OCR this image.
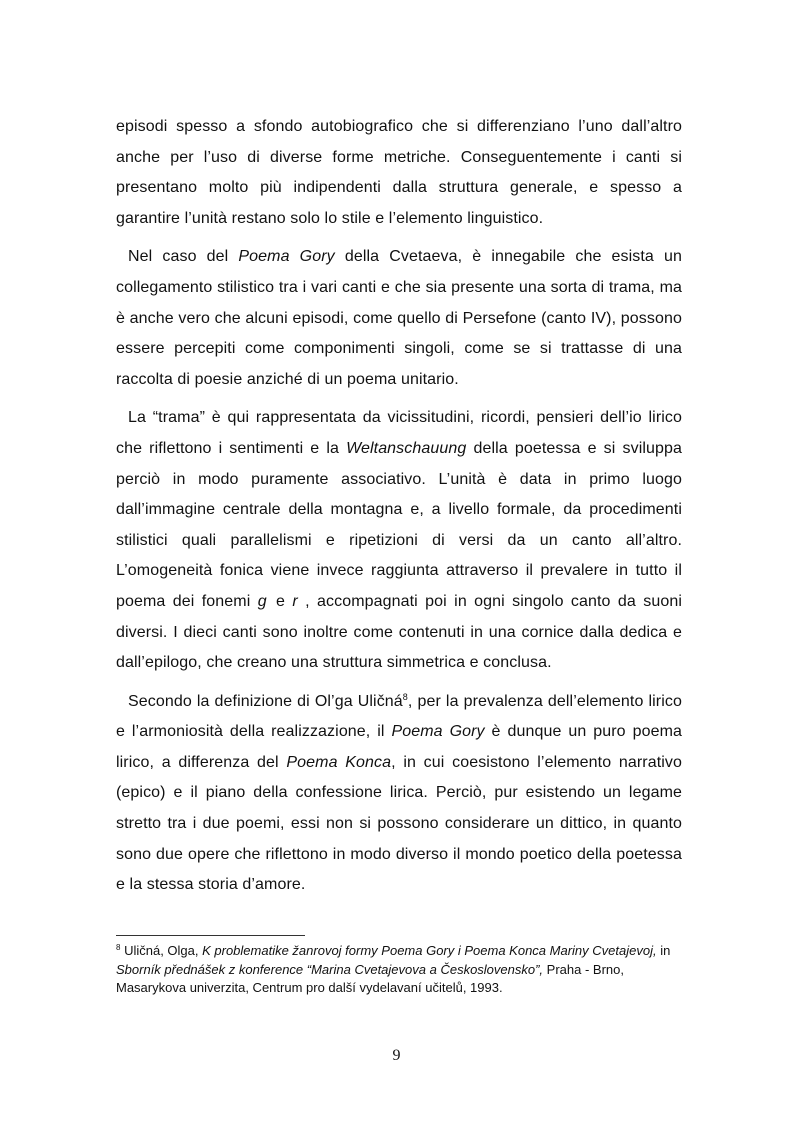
episodi spesso a sfondo autobiografico che si differenziano l’uno dall’altro anche per l’uso di diverse forme metriche. Conseguentemente i canti si presentano molto più indipendenti dalla struttura generale, e spesso a garantire l’unità restano solo lo stile e l’elemento linguistico.

Nel caso del Poema Gory della Cvetaeva, è innegabile che esista un collegamento stilistico tra i vari canti e che sia presente una sorta di trama, ma è anche vero che alcuni episodi, come quello di Persefone (canto IV), possono essere percepiti come componimenti singoli, come se si trattasse di una raccolta di poesie anziché di un poema unitario.

La “trama” è qui rappresentata da vicissitudini, ricordi, pensieri dell’io lirico che riflettono i sentimenti e la Weltanschauung della poetessa e si sviluppa perciò in modo puramente associativo. L’unità è data in primo luogo dall’immagine centrale della montagna e, a livello formale, da procedimenti stilistici quali parallelismi e ripetizioni di versi da un canto all’altro. L’omogeneità fonica viene invece raggiunta attraverso il prevalere in tutto il poema dei fonemi g e r , accompagnati poi in ogni singolo canto da suoni diversi. I dieci canti sono inoltre come contenuti in una cornice dalla dedica e dall’epilogo, che creano una struttura simmetrica e conclusa.

Secondo la definizione di Ol’ga Uličná$^8$, per la prevalenza dell’elemento lirico e l’armoniosità della realizzazione, il Poema Gory è dunque un puro poema lirico, a differenza del Poema Konca, in cui coesistono l’elemento narrativo (epico) e il piano della confessione lirica. Perciò, pur esistendo un legame stretto tra i due poemi, essi non si possono considerare un dittico, in quanto sono due opere che riflettono in modo diverso il mondo poetico della poetessa e la stessa storia d’amore.

$^8$ Uličná, Olga, K problematike žanrovoj formy Poema Gory i Poema Konca Mariny Cvetajevoj, in Sborník přednášek z konference “Marina Cvetajevova a Československo”, Praha - Brno, Masarykova univerzita, Centrum pro další vydelavaní učitelů, 1993.
9
